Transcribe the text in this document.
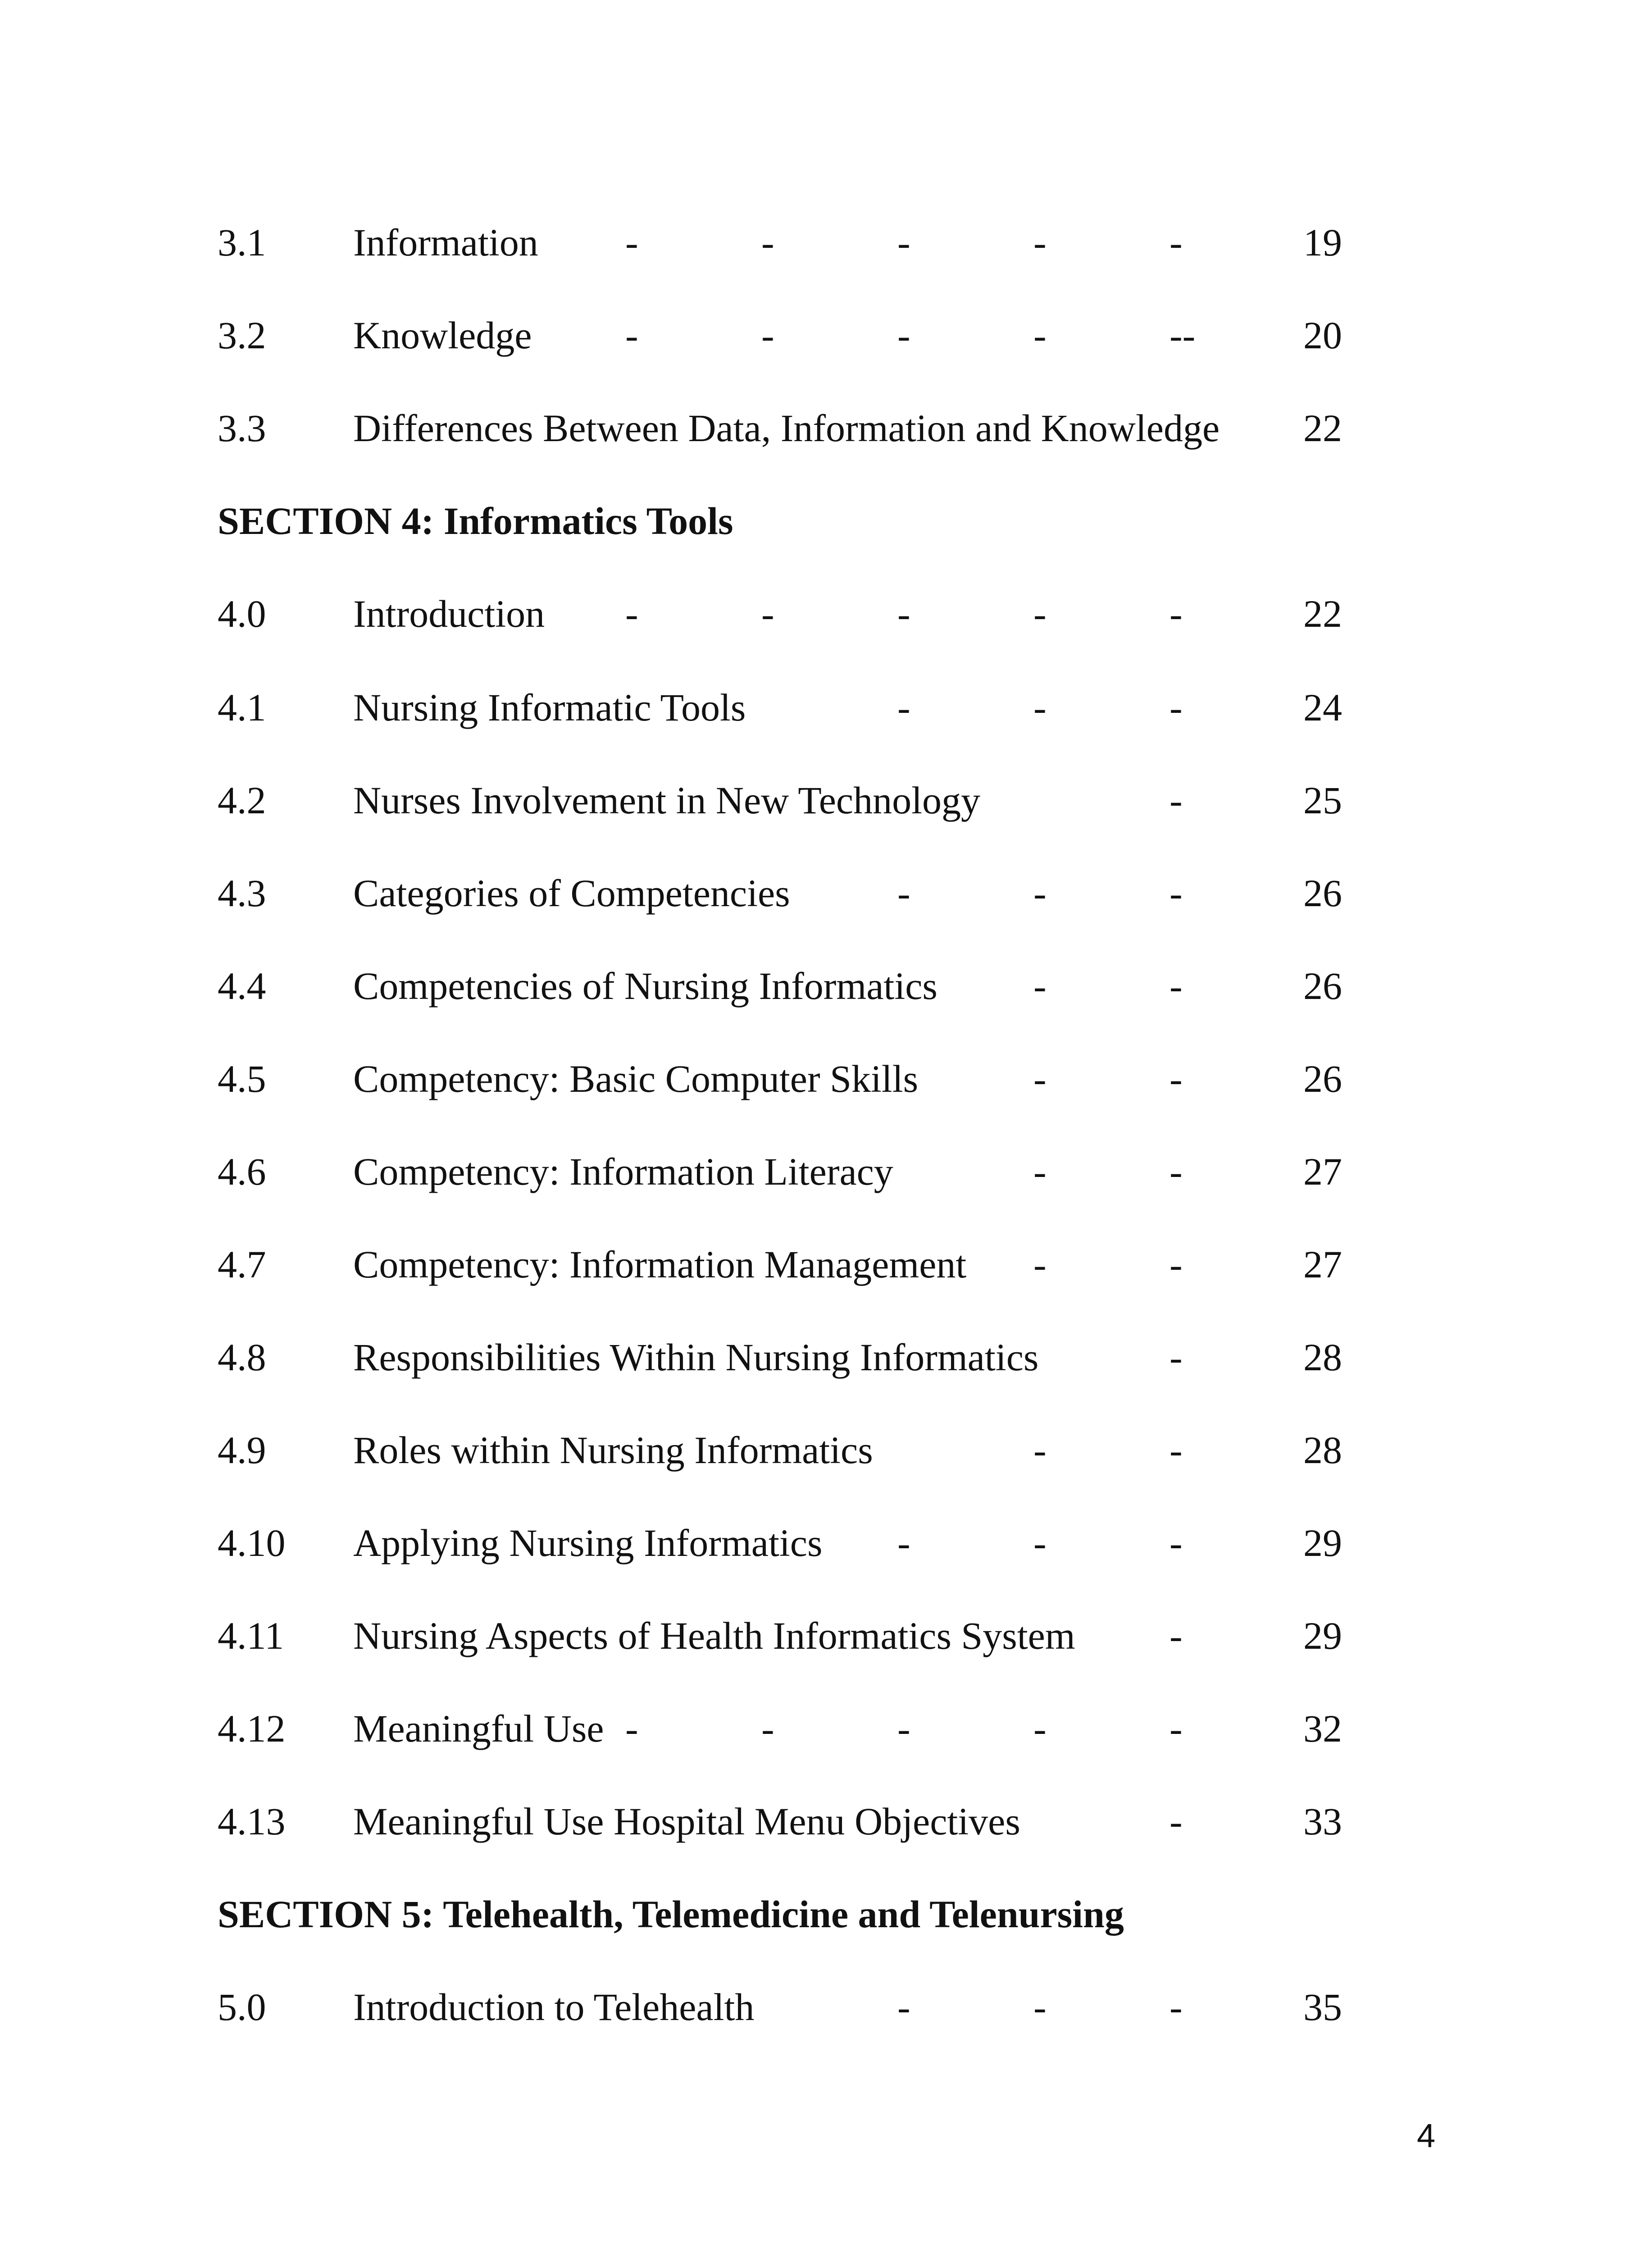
3.1 Information -	-	-	-	-	19
3.2 Knowledge -	-	-	-	--	20
3.3 Differences Between Data, Information and Knowledge 22
SECTION 4: Informatics Tools
4.0 Introduction -	-	-	-	-	22
4.1 Nursing Informatic Tools	-	-	-	24
4.2 Nurses Involvement in New Technology	-	25
4.3 Categories of Competencies	-	-	-	26
4.4 Competencies of Nursing Informatics -	-	26
4.5 Competency: Basic Computer Skills	-	-	26
4.6 Competency: Information Literacy	-	-	27
4.7 Competency: Information Management -	-	27
4.8 Responsibilities Within Nursing Informatics	-	28
4.9 Roles within Nursing Informatics	-	-	28
4.10 Applying Nursing Informatics -	-	-	29
4.11 Nursing Aspects of Health Informatics System -	29
4.12 Meaningful Use -	-	-	-	-	32
4.13 Meaningful Use Hospital Menu Objectives	-	33
SECTION 5: Telehealth, Telemedicine and Telenursing
5.0 Introduction to Telehealth	-	-	-	35
4
